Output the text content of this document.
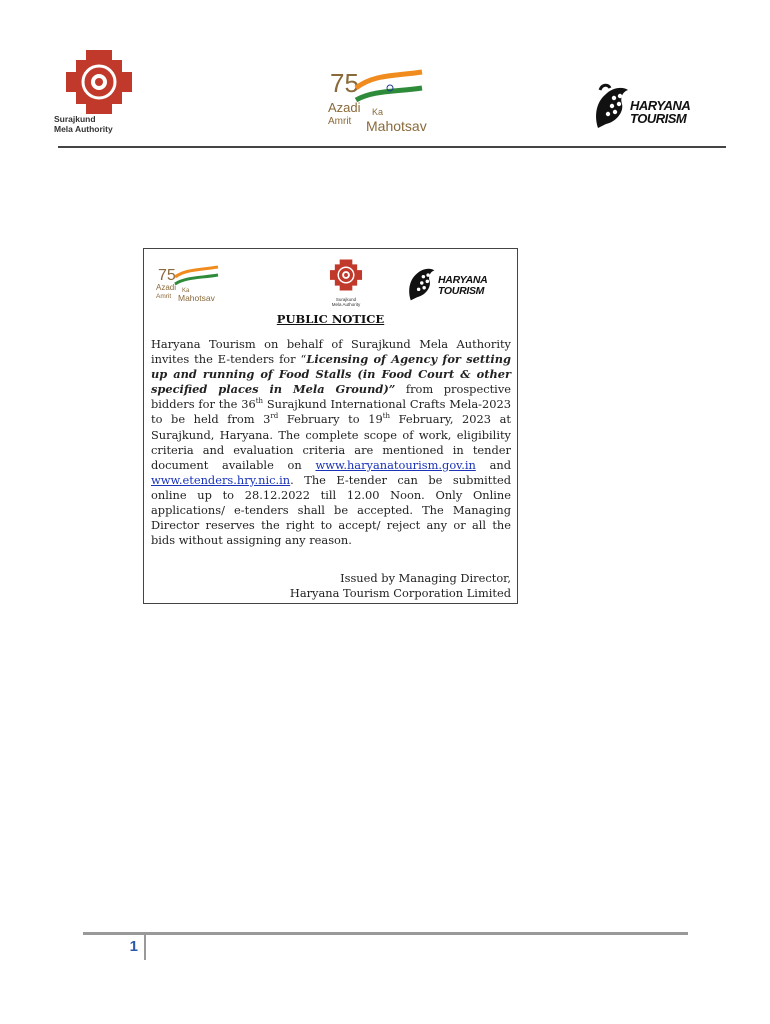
Surajkund
Mela Authority
75
Azadi Ka
Amrit Mahotsav
HARYANA
TOURISM
75
Azadi Ka
Amrit Mahotsav	Surajkund
Mela Authority
HARYANA
TOURISM
PUBLIC NOTICE
Haryana Tourism on behalf of Surajkund Mela Authority invites the E-tenders for “Licensing of Agency for setting up and running of Food Stalls (in Food Court & other specified places in Mela Ground)” from prospective bidders for the 36th Surajkund International Crafts Mela-2023 to be held from 3rd February to 19th February, 2023 at Surajkund, Haryana. The complete scope of work, eligibility criteria and evaluation criteria are mentioned in tender document available on www.haryanatourism.gov.in and www.etenders.hry.nic.in. The E-tender can be submitted online up to 28.12.2022 till 12.00 Noon. Only Online applications/ e-tenders shall be accepted. The Managing Director reserves the right to accept/ reject any or all the bids without assigning any reason.
Issued by Managing Director,
Haryana Tourism Corporation Limited
1
